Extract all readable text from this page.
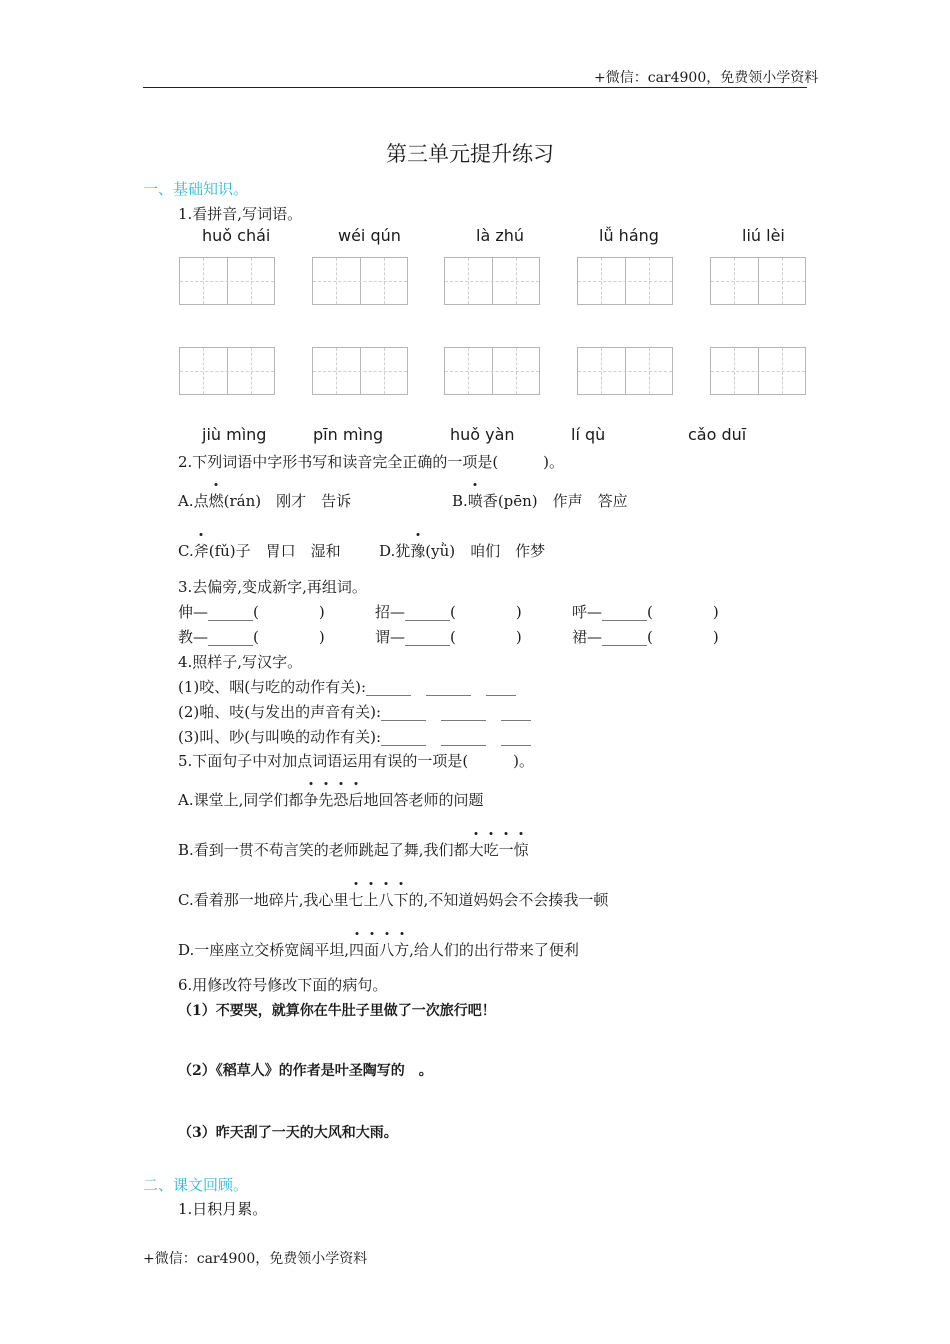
+微信：car4900，免费领小学资料
第三单元提升练习
一、基础知识。
1.看拼音,写词语。
huǒ chái	wéi qún	là zhú	lǚ háng	liú lèi
jiù mìng	pīn mìng	huǒ yàn	lí qù	cǎo duī
2.下列词语中字形书写和读音完全正确的一项是(　　　)。
A.点燃(rán)　刚才　告诉	B.喷香(pēn)　作声　答应
C.斧(fǔ)子　胃口　湿和	D.犹豫(yǜ)　咱们　作梦
3.去偏旁,变成新字,再组词。
伸—______(　　　　)	招—______(　　　　)	呼—______(　　　　)
教—______(　　　　)	谓—______(　　　　)	裙—______(　　　　)
4.照样子,写汉字。
(1)咬、咽(与吃的动作有关):______　______　____
(2)啪、吱(与发出的声音有关):______　______　____
(3)叫、吵(与叫唤的动作有关):______　______　____
5.下面句子中对加点词语运用有误的一项是(　　　)。
A.课堂上,同学们都争先恐后地回答老师的问题
B.看到一贯不苟言笑的老师跳起了舞,我们都大吃一惊
C.看着那一地碎片,我心里七上八下的,不知道妈妈会不会揍我一顿
D.一座座立交桥宽阔平坦,四面八方,给人们的出行带来了便利
6.用修改符号修改下面的病句。
（1）不要哭，就算你在牛肚子里做了一次旅行吧！
（2）《稻草人》的作者是叶圣陶写的　。
（3）昨天刮了一天的大风和大雨。
二、课文回顾。
1.日积月累。
+微信：car4900，免费领小学资料
